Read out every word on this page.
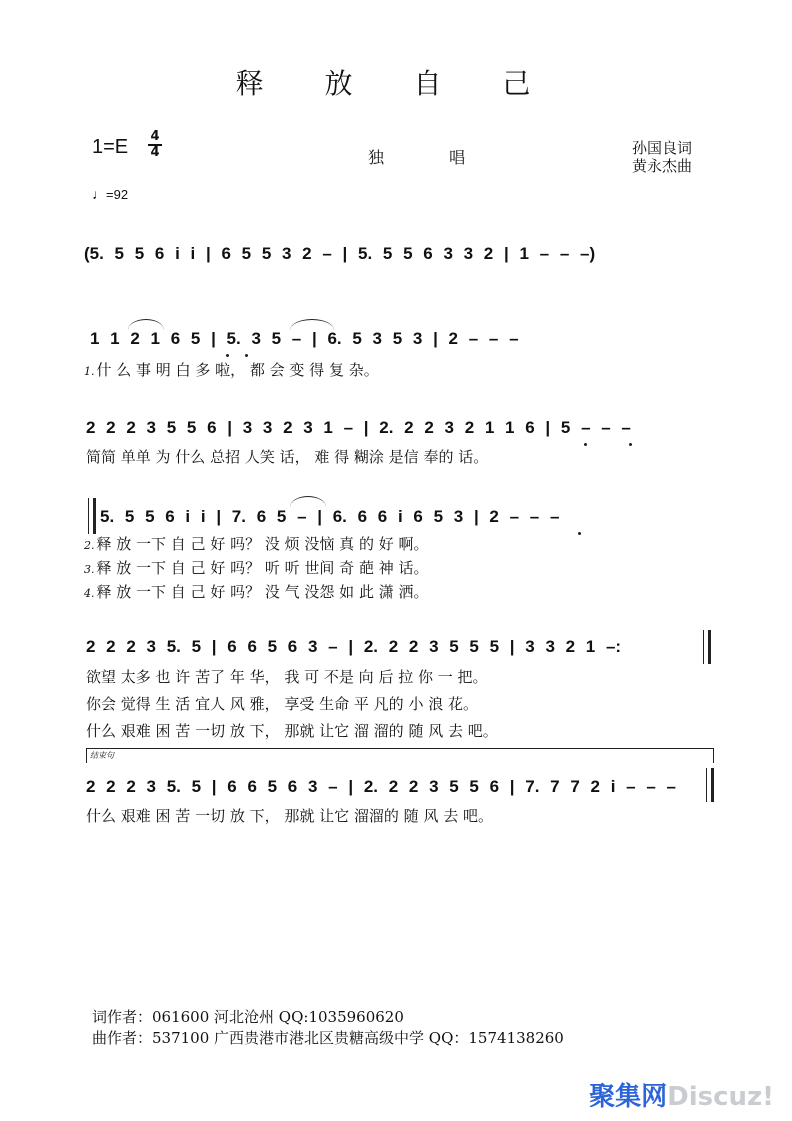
释 放 自 己
1=E 4
4	独 唱	孙国良词
黄永杰曲
♩=92
(5. 5 5 6 i i | 6 5 5 3 2 – | 5. 5 5 6 3 3 2 | 1 – – –)
1 1 2 1 6 5 | 5. 3 5 – | 6. 5 3 5 3 | 2 – – –
1. 什 么 事 明 白 多 啦， 都 会 变 得 复 杂。
2 2 2 3 5 5 6 | 3 3 2 3 1 – | 2. 2 2 3 2 1 1 6 | 5 – – –
简简 单单 为 什么 总招 人笑 话， 难 得 糊涂 是信 奉的 话。
5. 5 5 6 i i | 7. 6 5 – | 6. 6 6 i 6 5 3 | 2 – – –
2. 释 放 一下 自 己 好 吗？ 没 烦 没恼 真 的 好 啊。
3. 释 放 一下 自 己 好 吗？ 听 听 世间 奇 葩 神 话。
4. 释 放 一下 自 己 好 吗？ 没 气 没怨 如 此 潇 洒。
2 2 2 3 5. 5 | 6 6 5 6 3 – | 2. 2 2 3 5 5 5 | 3 3 2 1 –:
欲望 太多 也 许 苦了 年 华， 我 可 不是 向 后 拉 你 一 把。
你会 觉得 生 活 宜人 风 雅， 享受 生命 平 凡的 小 浪 花。
什么 艰难 困 苦 一切 放 下， 那就 让它 溜 溜的 随 风 去 吧。
结束句
2 2 2 3 5. 5 | 6 6 5 6 3 – | 2. 2 2 3 5 5 6 | 7. 7 7 2 i – – –
什么 艰难 困 苦 一切 放 下， 那就 让它 溜溜的 随 风 去 吧。
词作者：061600 河北沧州 QQ:1035960620
曲作者：537100 广西贵港市港北区贵糖高级中学 QQ：1574138260
聚集网Discuz!
